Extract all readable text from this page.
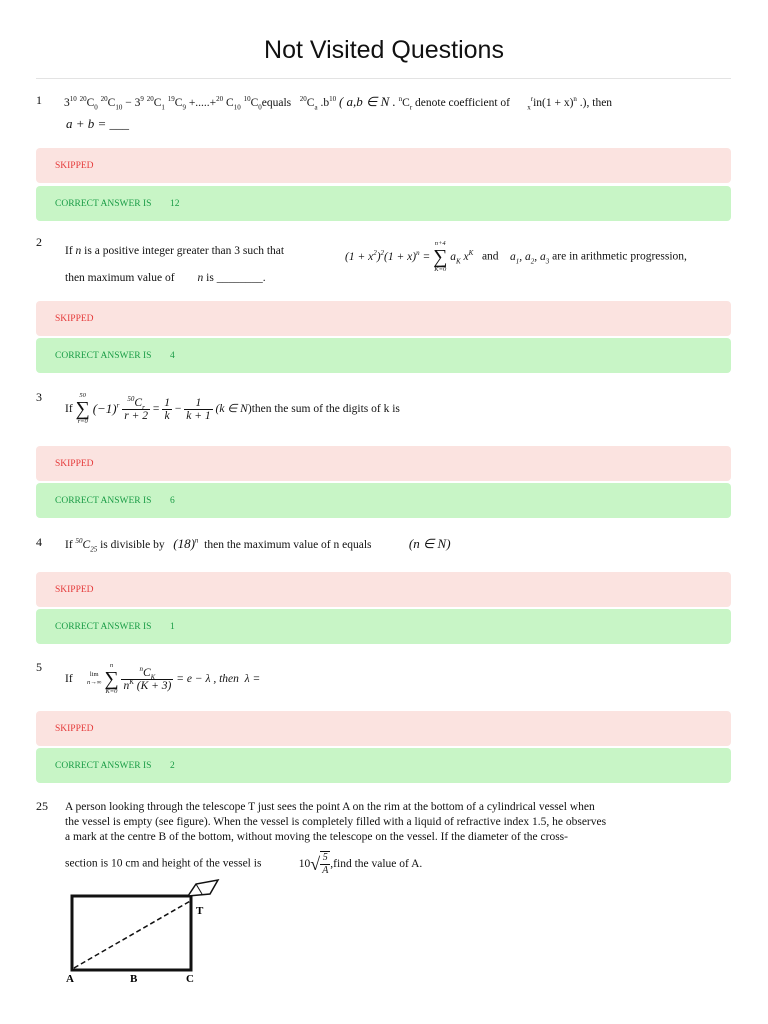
Not Visited Questions
1 $3^{10}$ $^{20}C_0$ $^{20}C_{10} - 3^9$ $^{20}C_1$ $^{19}C_9 +.....+^{20}$ $C_{10}$ $^{10}C_0equals$ $^{20}C_a$ $.b^{10}$ ( a,b ∈ N . $^nC_r$ denote coefficient of $_x^rin(1 + x)^n$ .), then
a + b = ___
SKIPPED
CORRECT ANSWER IS 12
2
If n is a positive integer greater than 3 such that	$(1 + x^2)^2(1 + x)^n$ =
n+4
∑
K=0
$a_K$ $x^K$ and $a_1$, $a_2$, $a_3$ are in arithmetic progression,
then maximum value of n is ________.
SKIPPED
CORRECT ANSWER IS 4
3
If
50
∑
r=0
$(-1)^r \frac{^{50}C_r}{r + 2} = \frac{1}{k} - \frac{1}{k + 1} (k$ ∈ N)then the sum of the digits of k is
SKIPPED
CORRECT ANSWER IS 6
4 If $^{50}C_{25}$ is divisible by $(18)^n$ then the maximum value of n equals	(n ∈ N)
SKIPPED
CORRECT ANSWER IS 1
5
If	lim
n→∞

n
∑
K=0
$\frac{^nC_K}{n^K (K + 3)} = e - \lambda$ , then λ =
SKIPPED
CORRECT ANSWER IS 2
25 A person looking through the telescope T just sees the point A on the rim at the bottom of a cylindrical vessel when
the vessel is empty (see figure). When the vessel is completely filled with a liquid of refractive index 1.5, he observes
a mark at the centre B of the bottom, without moving the telescope on the vessel. If the diameter of the cross-
section is 10 cm and height of the vessel is	$10√ \frac{5}{A}$ ,find the value of A.
A	B	C
T
